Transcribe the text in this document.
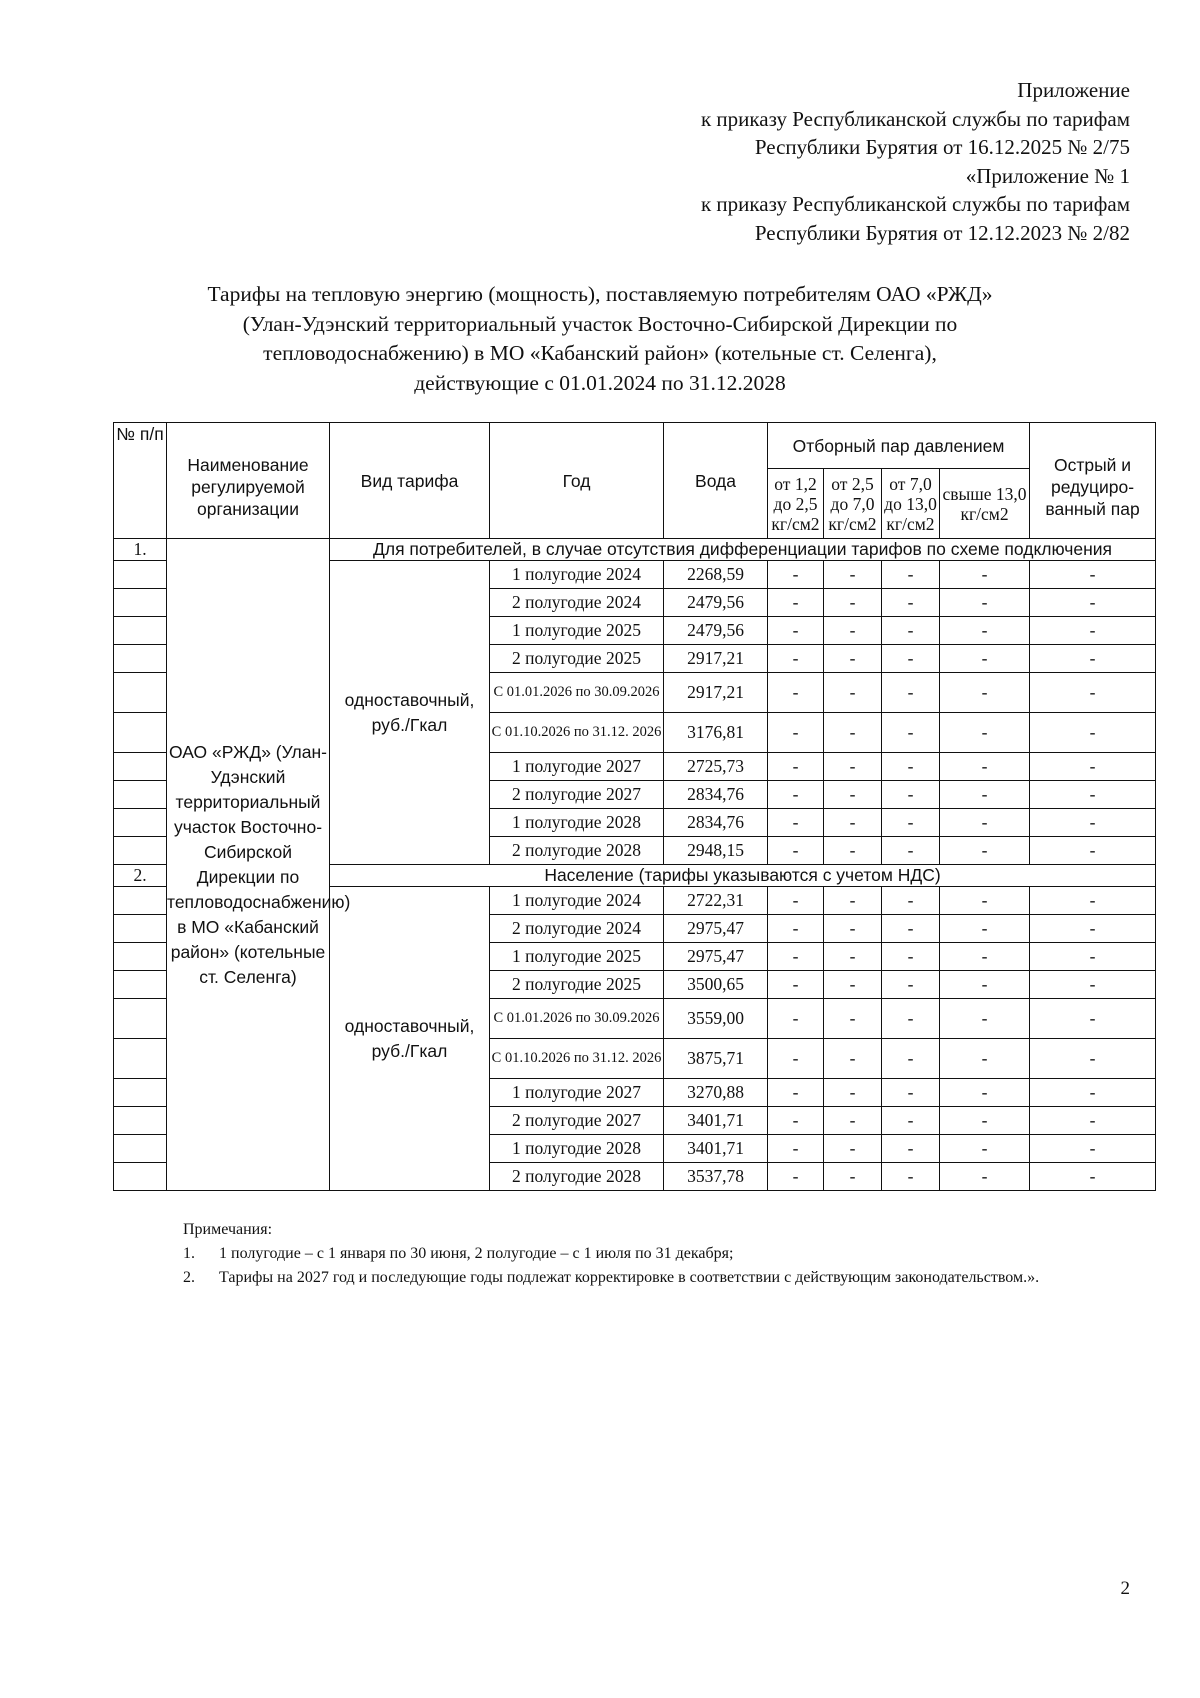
Приложение
к приказу Республиканской службы по тарифам
Республики Бурятия от 16.12.2025 № 2/75
«Приложение № 1
к приказу Республиканской службы по тарифам
Республики Бурятия от 12.12.2023 № 2/82
Тарифы на тепловую энергию (мощность), поставляемую потребителям ОАО «РЖД»
(Улан-Удэнский территориальный участок Восточно-Сибирской Дирекции по
тепловодоснабжению) в МО «Кабанский район» (котельные ст. Селенга),
действующие с 01.01.2024 по 31.12.2028
№ п/п	Наименование регулируемой организации	Вид тарифа	Год	Вода	Отборный пар давлением				Острый и редуциро- ванный пар
					от 1,2 до 2,5 кг/см2	от 2,5 до 7,0 кг/см2	от 7,0 до 13,0 кг/см2	свыше 13,0 кг/см2	
1.	ОАО «РЖД» (Улан-Удэнский территориальный участок Восточно-Сибирской Дирекции по тепловодоснабжению) в МО «Кабанский район» (котельные ст. Селенга)	Для потребителей, в случае отсутствия дифференциации тарифов по схеме подключения							
		одноставочный, руб./Гкал	1 полугодие 2024	2268,59	-	-	-	-	-
			2 полугодие 2024	2479,56	-	-	-	-	-
			1 полугодие 2025	2479,56	-	-	-	-	-
			2 полугодие 2025	2917,21	-	-	-	-	-
			С 01.01.2026 по 30.09.2026	2917,21	-	-	-	-	-
			С 01.10.2026 по 31.12. 2026	3176,81	-	-	-	-	-
			1 полугодие 2027	2725,73	-	-	-	-	-
			2 полугодие 2027	2834,76	-	-	-	-	-
			1 полугодие 2028	2834,76	-	-	-	-	-
			2 полугодие 2028	2948,15	-	-	-	-	-
2.		Население (тарифы указываются с учетом НДС)							
		одноставочный, руб./Гкал	1 полугодие 2024	2722,31	-	-	-	-	-
			2 полугодие 2024	2975,47	-	-	-	-	-
			1 полугодие 2025	2975,47	-	-	-	-	-
			2 полугодие 2025	3500,65	-	-	-	-	-
			С 01.01.2026 по 30.09.2026	3559,00	-	-	-	-	-
			С 01.10.2026 по 31.12. 2026	3875,71	-	-	-	-	-
			1 полугодие 2027	3270,88	-	-	-	-	-
			2 полугодие 2027	3401,71	-	-	-	-	-
			1 полугодие 2028	3401,71	-	-	-	-	-
			2 полугодие 2028	3537,78	-	-	-	-	-
Примечания:
1.	1 полугодие – с 1 января по 30 июня, 2 полугодие – с 1 июля по 31 декабря;
2.	Тарифы на 2027 год и последующие годы подлежат корректировке в соответствии с действующим законодательством.».
2
